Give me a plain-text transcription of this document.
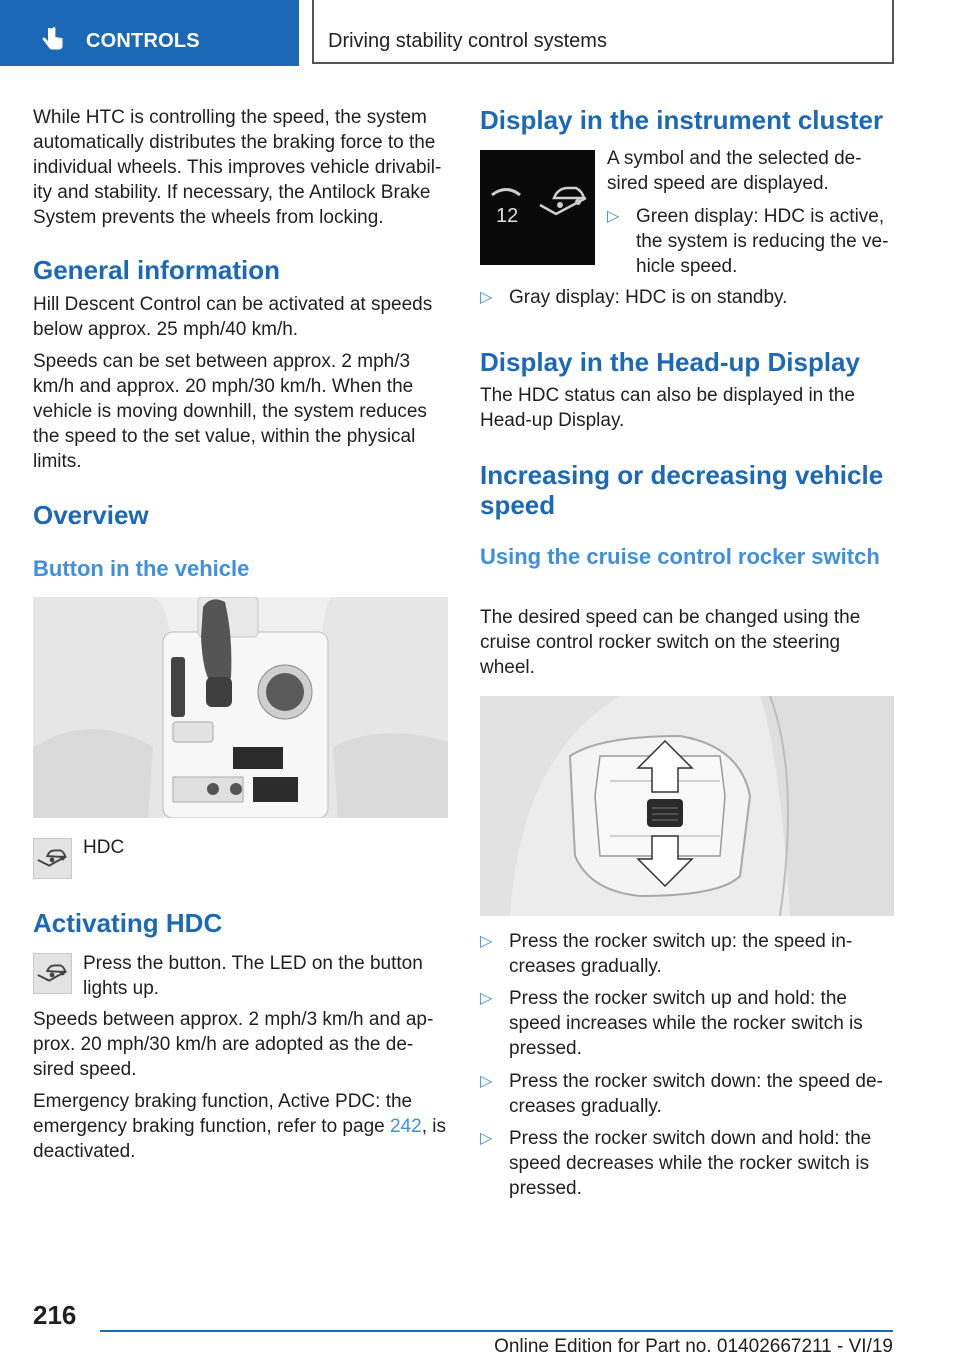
CONTROLS	Driving stability control systems

While HTC is controlling the speed, the system automatically distributes the braking force to the individual wheels. This improves vehicle drivability and stability. If necessary, the Antilock Brake System prevents the wheels from locking.

General information

Hill Descent Control can be activated at speeds below approx. 25 mph/40 km/h.

Speeds can be set between approx. 2 mph/3 km/h and approx. 20 mph/30 km/h. When the vehicle is moving downhill, the system reduces the speed to the set value, within the physical limits.

Overview
Button in the vehicle
HDC
Activating HDC

Press the button. The LED on the button lights up.

Speeds between approx. 2 mph/3 km/h and approx. 20 mph/30 km/h are adopted as the desired speed.

Emergency braking function, Active PDC: the emergency braking function, refer to page 242, is deactivated.

Display in the instrument cluster
12

A symbol and the selected desired speed are displayed.

▷ Green display: HDC is active, the system is reducing the vehicle speed.
▷ Gray display: HDC is on standby.
Display in the Head-up Display

The HDC status can also be displayed in the Head-up Display.

Increasing or decreasing vehicle speed
Using the cruise control rocker switch

The desired speed can be changed using the cruise control rocker switch on the steering wheel.

▷ Press the rocker switch up: the speed increases gradually.
▷ Press the rocker switch up and hold: the speed increases while the rocker switch is pressed.
▷ Press the rocker switch down: the speed decreases gradually.
▷ Press the rocker switch down and hold: the speed decreases while the rocker switch is pressed.
216
Online Edition for Part no. 01402667211 - VI/19
